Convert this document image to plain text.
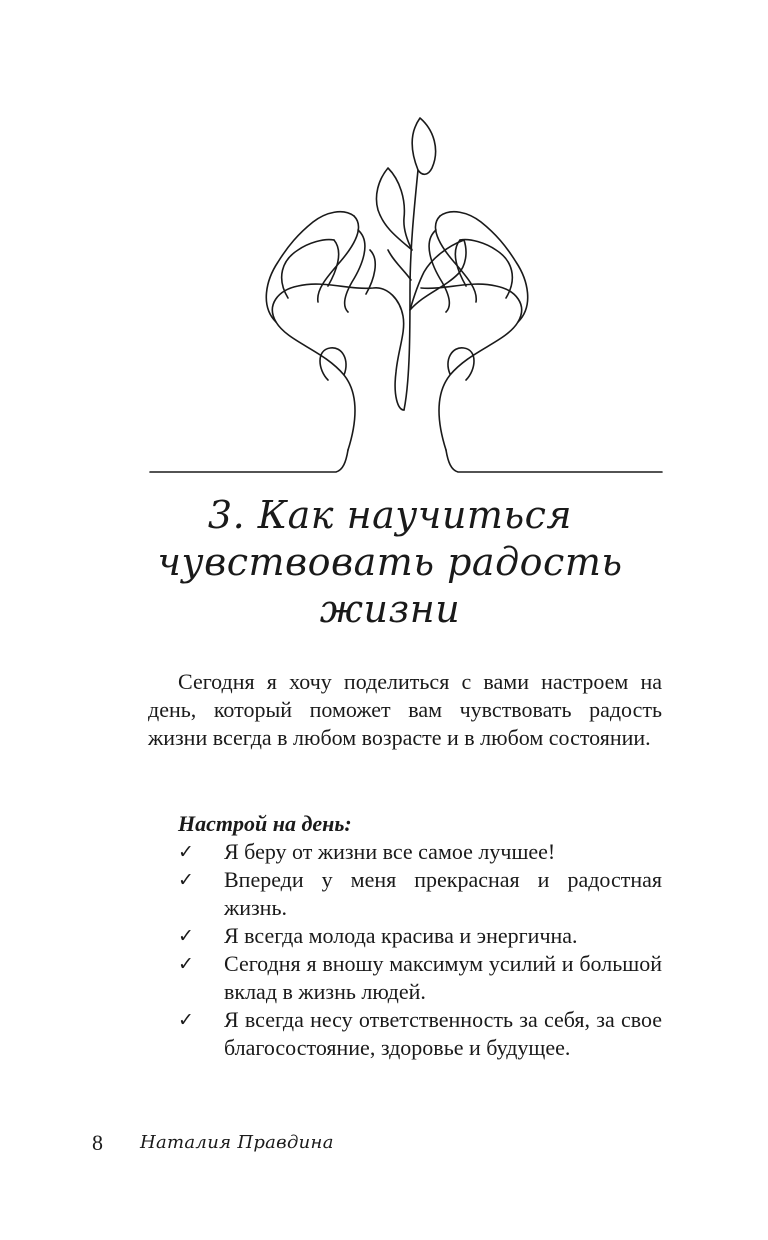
3. Как научиться
чувствовать радость
жизни

Сегодня я хочу поделиться с вами настроем на день, который поможет вам чувствовать радость жизни всегда в любом возрасте и в любом состоянии.

Настрой на день:

✓ Я беру от жизни все самое лучшее!
✓ Впереди у меня прекрасная и радостная жизнь.
✓ Я всегда молода красива и энергична.
✓ Сегодня я вношу максимум усилий и большой вклад в жизнь людей.
✓ Я всегда несу ответственность за себя, за свое благосостояние, здоровье и будущее.
8 Наталия Правдина
